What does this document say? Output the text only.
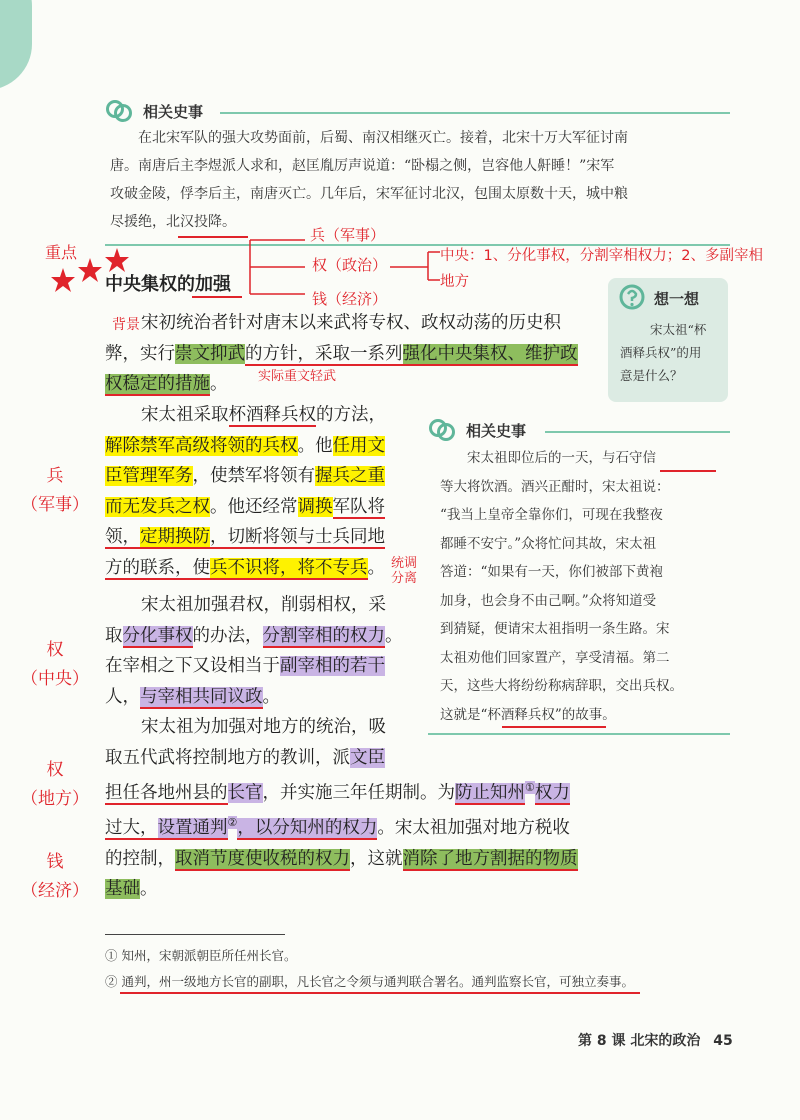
相关史事
在北宋军队的强大攻势面前，后蜀、南汉相继灭亡。接着，北宋十万大军征讨南
唐。南唐后主李煜派人求和，赵匡胤厉声说道：“卧榻之侧，岂容他人鼾睡！”宋军
攻破金陵，俘李后主，南唐灭亡。几年后，宋军征讨北汉，包围太原数十天，城中粮
尽援绝，北汉投降。
重点
中央集权的加强
兵（军事）
权（政治）
钱（经济）
中央：1、分化事权，分割宰相权力；2、多副宰相
地方
想一想
宋太祖“杯
酒释兵权”的用
意是什么？
背景 宋初统治者针对唐末以来武将专权、政权动荡的历史积
弊，实行崇文抑武的方针，采取一系列强化中央集权、维护政
权稳定的措施。	实际重文轻武
宋太祖采取杯酒释兵权的方法，
解除禁军高级将领的兵权。他任用文
臣管理军务，使禁军将领有握兵之重
而无发兵之权。他还经常调换军队将
领，定期换防，切断将领与士兵同地
方的联系，使兵不识将，将不专兵。 统调
分离
相关史事
宋太祖即位后的一天，与石守信
等大将饮酒。酒兴正酣时，宋太祖说：
“我当上皇帝全靠你们，可现在我整夜
都睡不安宁。”众将忙问其故，宋太祖
答道：“如果有一天，你们被部下黄袍
加身，也会身不由己啊。”众将知道受
到猜疑，便请宋太祖指明一条生路。宋
太祖劝他们回家置产，享受清福。第二
天，这些大将纷纷称病辞职，交出兵权。
这就是“杯酒释兵权”的故事。
宋太祖加强君权，削弱相权，采
取分化事权的办法，分割宰相的权力。
在宰相之下又设相当于副宰相的若干
人，与宰相共同议政。
宋太祖为加强对地方的统治，吸
取五代武将控制地方的教训，派文臣
担任各地州县的长官，并实施三年任期制。为防止知州①权力
过大，设置通判②，以分知州的权力。宋太祖加强对地方税收
的控制，取消节度使收税的权力，这就消除了地方割据的物质
基础。
兵
（军事）
权
（中央）
权
（地方）
钱
（经济）
① 知州，宋朝派朝臣所任州长官。
② 通判，州一级地方长官的副职，凡长官之令须与通判联合署名。通判监察长官，可独立奏事。
第 8 课 北宋的政治 45
